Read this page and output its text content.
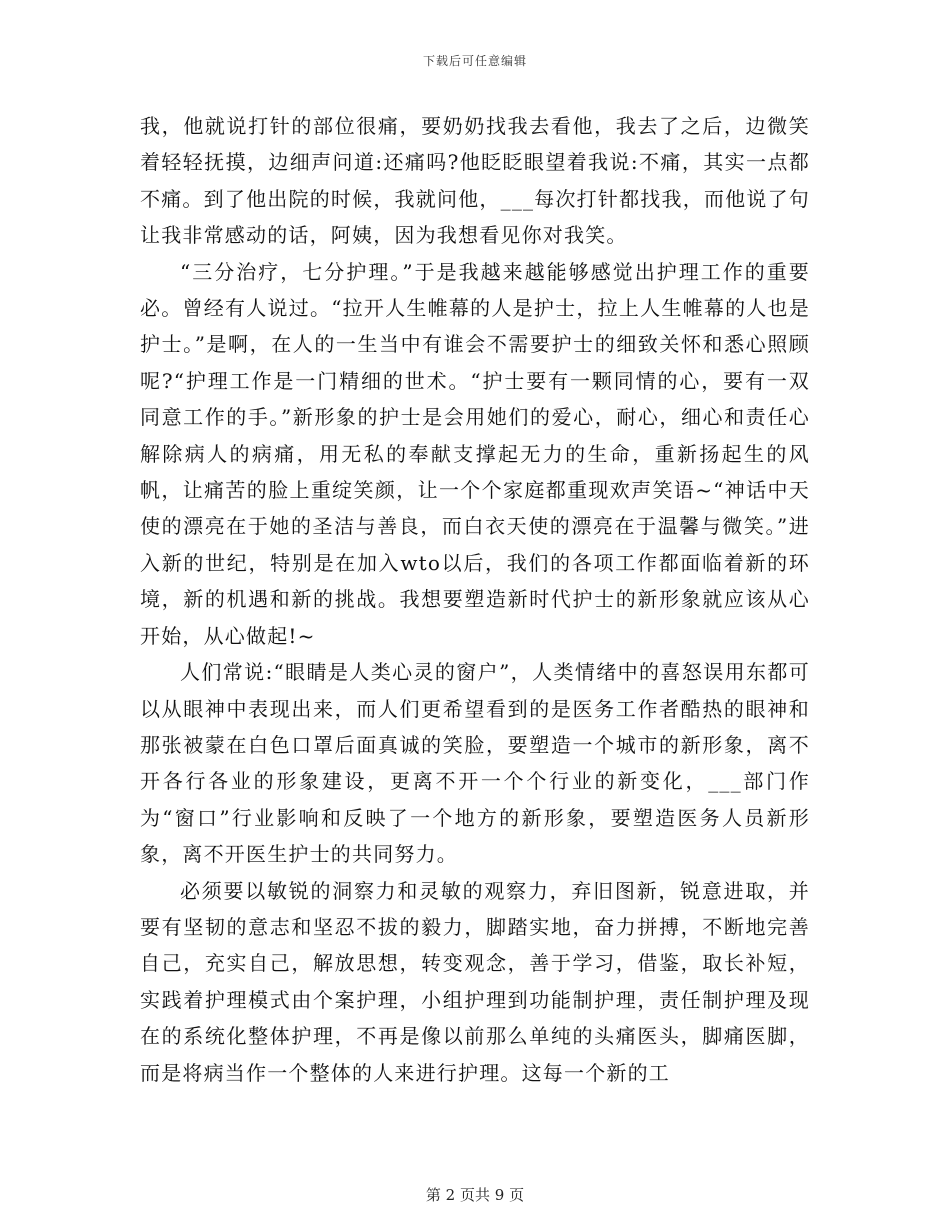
下载后可任意编辑

我，他就说打针的部位很痛，要奶奶找我去看他，我去了之后，边微笑着轻轻抚摸，边细声问道:还痛吗?他眨眨眼望着我说:不痛，其实一点都不痛。到了他出院的时候，我就问他，___每次打针都找我，而他说了句让我非常感动的话，阿姨，因为我想看见你对我笑。

“三分治疗，七分护理。”于是我越来越能够感觉出护理工作的重要必。曾经有人说过。“拉开人生帷幕的人是护士，拉上人生帷幕的人也是护士。”是啊，在人的一生当中有谁会不需要护士的细致关怀和悉心照顾呢?“护理工作是一门精细的世术。“护士要有一颗同情的心，要有一双同意工作的手。”新形象的护士是会用她们的爱心，耐心，细心和责任心解除病人的病痛，用无私的奉献支撑起无力的生命，重新扬起生的风帆，让痛苦的脸上重绽笑颜，让一个个家庭都重现欢声笑语~“神话中天使的漂亮在于她的圣洁与善良，而白衣天使的漂亮在于温馨与微笑。”进入新的世纪，特别是在加入wto以后，我们的各项工作都面临着新的环境，新的机遇和新的挑战。我想要塑造新时代护士的新形象就应该从心开始，从心做起!~

人们常说:“眼睛是人类心灵的窗户”，人类情绪中的喜怒误用东都可以从眼神中表现出来，而人们更希望看到的是医务工作者酷热的眼神和那张被蒙在白色口罩后面真诚的笑脸，要塑造一个城市的新形象，离不开各行各业的形象建设，更离不开一个个行业的新变化，___部门作为“窗口”行业影响和反映了一个地方的新形象，要塑造医务人员新形象，离不开医生护士的共同努力。

必须要以敏锐的洞察力和灵敏的观察力，弃旧图新，锐意进取，并要有坚韧的意志和坚忍不拔的毅力，脚踏实地，奋力拼搏，不断地完善自己，充实自己，解放思想，转变观念，善于学习，借鉴，取长补短，实践着护理模式由个案护理，小组护理到功能制护理，责任制护理及现在的系统化整体护理，不再是像以前那么单纯的头痛医头，脚痛医脚，而是将病当作一个整体的人来进行护理。这每一个新的工

第 2 页共 9 页
